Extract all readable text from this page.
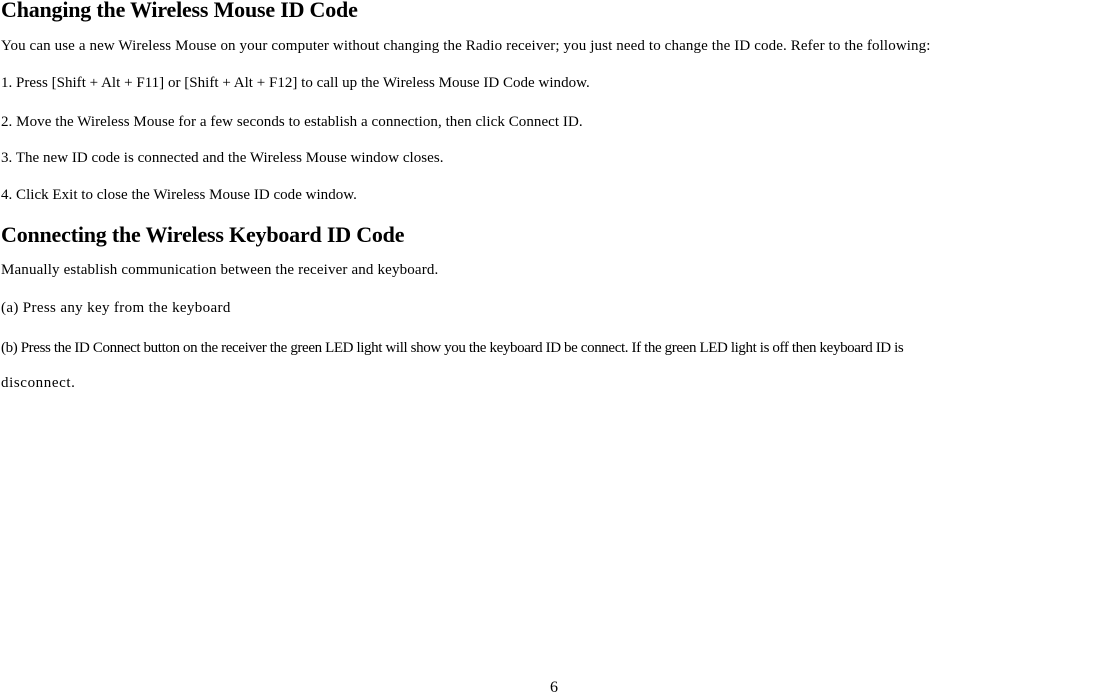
Changing the Wireless Mouse ID Code

You can use a new Wireless Mouse on your computer without changing the Radio receiver; you just need to change the ID code. Refer to the following:

1. Press [Shift + Alt + F11] or [Shift + Alt + F12] to call up the Wireless Mouse ID Code window.

2. Move the Wireless Mouse for a few seconds to establish a connection, then click Connect ID.

3. The new ID code is connected and the Wireless Mouse window closes.

4. Click Exit to close the Wireless Mouse ID code window.

Connecting the Wireless Keyboard ID Code

Manually establish communication between the receiver and keyboard.

(a) Press any key from the keyboard

(b) Press the ID Connect button on the receiver the green LED light will show you the keyboard ID be connect. If the green LED light is off then keyboard ID is

disconnect.

6
